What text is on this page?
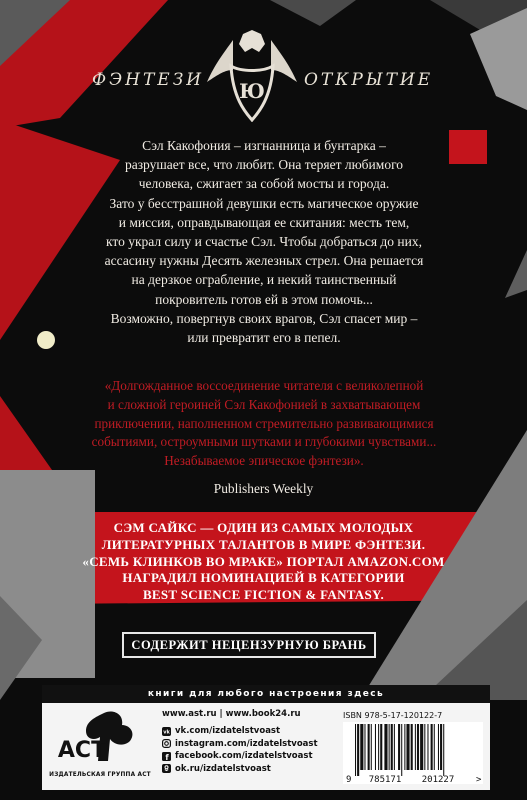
ФЭНТЕЗИ	ОТКРЫТИЕ
Ю

Сэл Какофония – изгнанница и бунтарка –

разрушает все, что любит. Она теряет любимого

человека, сжигает за собой мосты и города.

Зато у бесстрашной девушки есть магическое оружие

и миссия, оправдывающая ее скитания: месть тем,

кто украл силу и счастье Сэл. Чтобы добраться до них,

ассасину нужны Десять железных стрел. Она решается

на дерзкое ограбление, и некий таинственный

покровитель готов ей в этом помочь...

Возможно, повергнув своих врагов, Сэл спасет мир –

или превратит его в пепел.

«Долгожданное воссоединение читателя с великолепной
и сложной героиней Сэл Какофонией в захватывающем
приключении, наполненном стремительно развивающимися
событиями, остроумными шутками и глубокими чувствами...
Незабываемое эпическое фэнтези».
Publishers Weekly
СЭМ САЙКС — ОДИН ИЗ САМЫХ МОЛОДЫХ
ЛИТЕРАТУРНЫХ ТАЛАНТОВ В МИРЕ ФЭНТЕЗИ.
«СЕМЬ КЛИНКОВ ВО МРАКЕ» ПОРТАЛ AMAZON.COM
НАГРАДИЛ НОМИНАЦИЕЙ В КАТЕГОРИИ
BEST SCIENCE FICTION & FANTASY.
СОДЕРЖИТ НЕЦЕНЗУРНУЮ БРАНЬ
книги для любого настроения здесь
АСТ
ИЗДАТЕЛЬСКАЯ ГРУППА АСТ
www.ast.ru | www.book24.ru
vk vk.com/izdatelstvoast
instagram.com/izdatelstvoast
f facebook.com/izdatelstvoast
ok.ru/izdatelstvoast
ISBN 978-5-17-120122-7
9 785171 201227 >
